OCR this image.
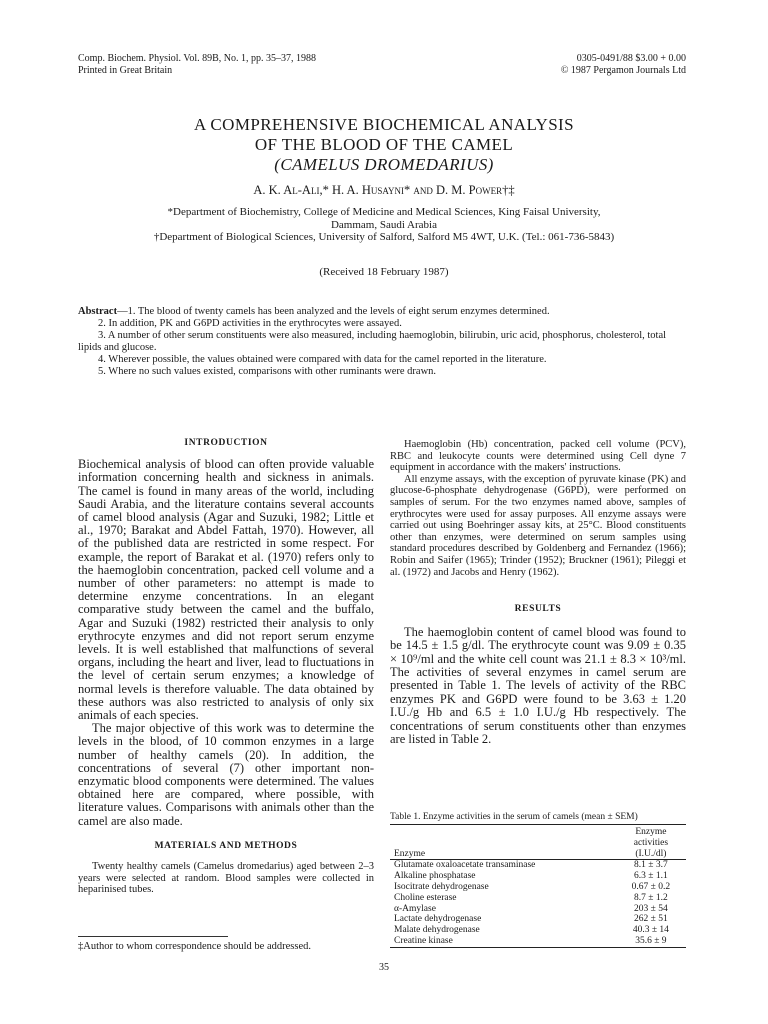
Comp. Biochem. Physiol. Vol. 89B, No. 1, pp. 35–37, 1988
Printed in Great Britain
0305-0491/88 $3.00 + 0.00
© 1987 Pergamon Journals Ltd
A COMPREHENSIVE BIOCHEMICAL ANALYSIS
OF THE BLOOD OF THE CAMEL
(CAMELUS DROMEDARIUS)
A. K. Al-Ali,* H. A. Husayni* and D. M. Power†‡
*Department of Biochemistry, College of Medicine and Medical Sciences, King Faisal University,
Dammam, Saudi Arabia
†Department of Biological Sciences, University of Salford, Salford M5 4WT, U.K. (Tel.: 061-736-5843)
(Received 18 February 1987)

Abstract—1. The blood of twenty camels has been analyzed and the levels of eight serum enzymes determined.

2. In addition, PK and G6PD activities in the erythrocytes were assayed.

3. A number of other serum constituents were also measured, including haemoglobin, bilirubin, uric acid, phosphorus, cholesterol, total lipids and glucose.

4. Wherever possible, the values obtained were compared with data for the camel reported in the literature.

5. Where no such values existed, comparisons with other ruminants were drawn.

INTRODUCTION

Biochemical analysis of blood can often provide valuable information concerning health and sickness in animals. The camel is found in many areas of the world, including Saudi Arabia, and the literature contains several accounts of camel blood analysis (Agar and Suzuki, 1982; Little et al., 1970; Barakat and Abdel Fattah, 1970). However, all of the published data are restricted in some respect. For example, the report of Barakat et al. (1970) refers only to the haemoglobin concentration, packed cell volume and a number of other parameters: no attempt is made to determine enzyme concentrations. In an elegant comparative study between the camel and the buffalo, Agar and Suzuki (1982) restricted their analysis to only erythrocyte enzymes and did not report serum enzyme levels. It is well established that malfunctions of several organs, including the heart and liver, lead to fluctuations in the level of certain serum enzymes; a knowledge of normal levels is therefore valuable. The data obtained by these authors was also restricted to analysis of only six animals of each species.

The major objective of this work was to determine the levels in the blood, of 10 common enzymes in a large number of healthy camels (20). In addition, the concentrations of several (7) other important non-enzymatic blood components were determined. The values obtained here are compared, where possible, with literature values. Comparisons with animals other than the camel are also made.

MATERIALS AND METHODS

Twenty healthy camels (Camelus dromedarius) aged between 2–3 years were selected at random. Blood samples were collected in heparinised tubes.

‡Author to whom correspondence should be addressed.

Haemoglobin (Hb) concentration, packed cell volume (PCV), RBC and leukocyte counts were determined using Cell dyne 7 equipment in accordance with the makers' instructions.

All enzyme assays, with the exception of pyruvate kinase (PK) and glucose-6-phosphate dehydrogenase (G6PD), were performed on samples of serum. For the two enzymes named above, samples of erythrocytes were used for assay purposes. All enzyme assays were carried out using Boehringer assay kits, at 25°C. Blood constituents other than enzymes, were determined on serum samples using standard procedures described by Goldenberg and Fernandez (1966); Robin and Saifer (1965); Trinder (1952); Bruckner (1961); Pileggi et al. (1972) and Jacobs and Henry (1962).

RESULTS

The haemoglobin content of camel blood was found to be 14.5 ± 1.5 g/dl. The erythrocyte count was 9.09 ± 0.35 × 10⁹/ml and the white cell count was 21.1 ± 8.3 × 10³/ml. The activities of several enzymes in camel serum are presented in Table 1. The levels of activity of the RBC enzymes PK and G6PD were found to be 3.63 ± 1.20 I.U./g Hb and 6.5 ± 1.0 I.U./g Hb respectively. The concentrations of serum constituents other than enzymes are listed in Table 2.

Table 1. Enzyme activities in the serum of camels (mean ± SEM)
Enzyme	Enzyme
activities
(I.U./dl)

Glutamate oxaloacetate transaminase	8.1 ± 3.7
Alkaline phosphatase	6.3 ± 1.1
Isocitrate dehydrogenase	0.67 ± 0.2
Choline esterase	8.7 ± 1.2
α-Amylase	203 ± 54
Lactate dehydrogenase	262 ± 51
Malate dehydrogenase	40.3 ± 14
Creatine kinase	35.6 ± 9
35
